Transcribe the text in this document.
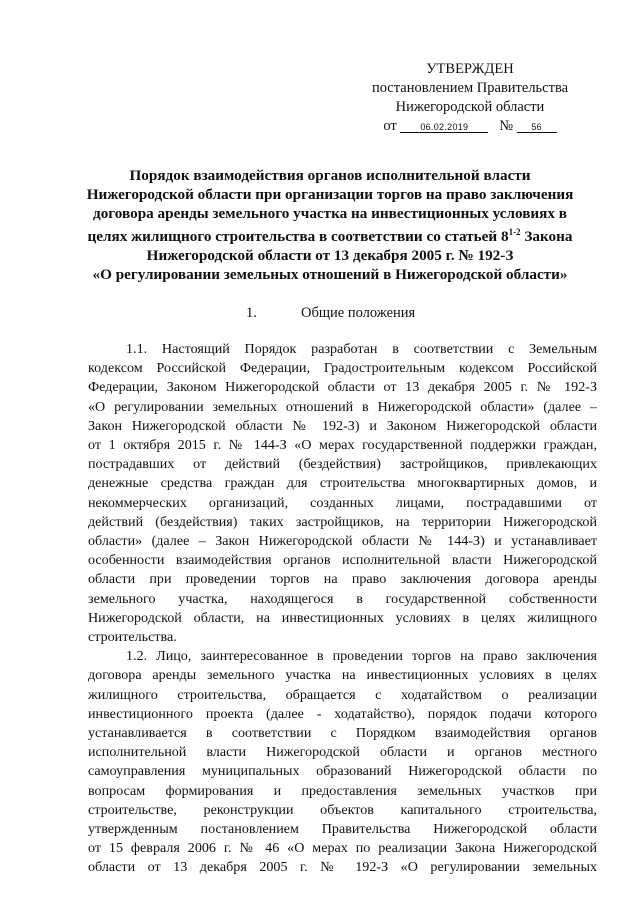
УТВЕРЖДЕН
постановлением Правительства
Нижегородской области
от	06.02.2019 № 56

Порядок взаимодействия органов исполнительной власти

Нижегородской области при организации торгов на право заключения

договора аренды земельного участка на инвестиционных условиях в

целях жилищного строительства в соответствии со статьей 8$^{1-2}$ Закона

Нижегородской области от 13 декабря 2005 г. № 192-З

«О регулировании земельных отношений в Нижегородской области»

1.	Общие положения

1.1. Настоящий Порядок разработан в соответствии с Земельным
кодексом Российской Федерации, Градостроительным кодексом Российской
Федерации, Законом Нижегородской области от 13 декабря 2005 г. № 192-З
«О регулировании земельных отношений в Нижегородской области» (далее –
Закон Нижегородской области № 192-З) и Законом Нижегородской области
от 1 октября 2015 г. № 144-З «О мерах государственной поддержки граждан,
пострадавших от действий (бездействия) застройщиков, привлекающих
денежные средства граждан для строительства многоквартирных домов, и
некоммерческих организаций, созданных лицами, пострадавшими от
действий (бездействия) таких застройщиков, на территории Нижегородской
области» (далее – Закон Нижегородской области № 144-З) и устанавливает
особенности взаимодействия органов исполнительной власти Нижегородской
области при проведении торгов на право заключения договора аренды
земельного участка, находящегося в государственной собственности
Нижегородской области, на инвестиционных условиях в целях жилищного
строительства.

1.2. Лицо, заинтересованное в проведении торгов на право заключения
договора аренды земельного участка на инвестиционных условиях в целях
жилищного строительства, обращается с ходатайством о реализации
инвестиционного проекта (далее - ходатайство), порядок подачи которого
устанавливается в соответствии с Порядком взаимодействия органов
исполнительной власти Нижегородской области и органов местного
самоуправления муниципальных образований Нижегородской области по
вопросам формирования и предоставления земельных участков при
строительстве, реконструкции объектов капитального строительства,
утвержденным постановлением Правительства Нижегородской области
от 15 февраля 2006 г. № 46 «О мерах по реализации Закона Нижегородской
области от 13 декабря 2005 г. № 192-З «О регулировании земельных
